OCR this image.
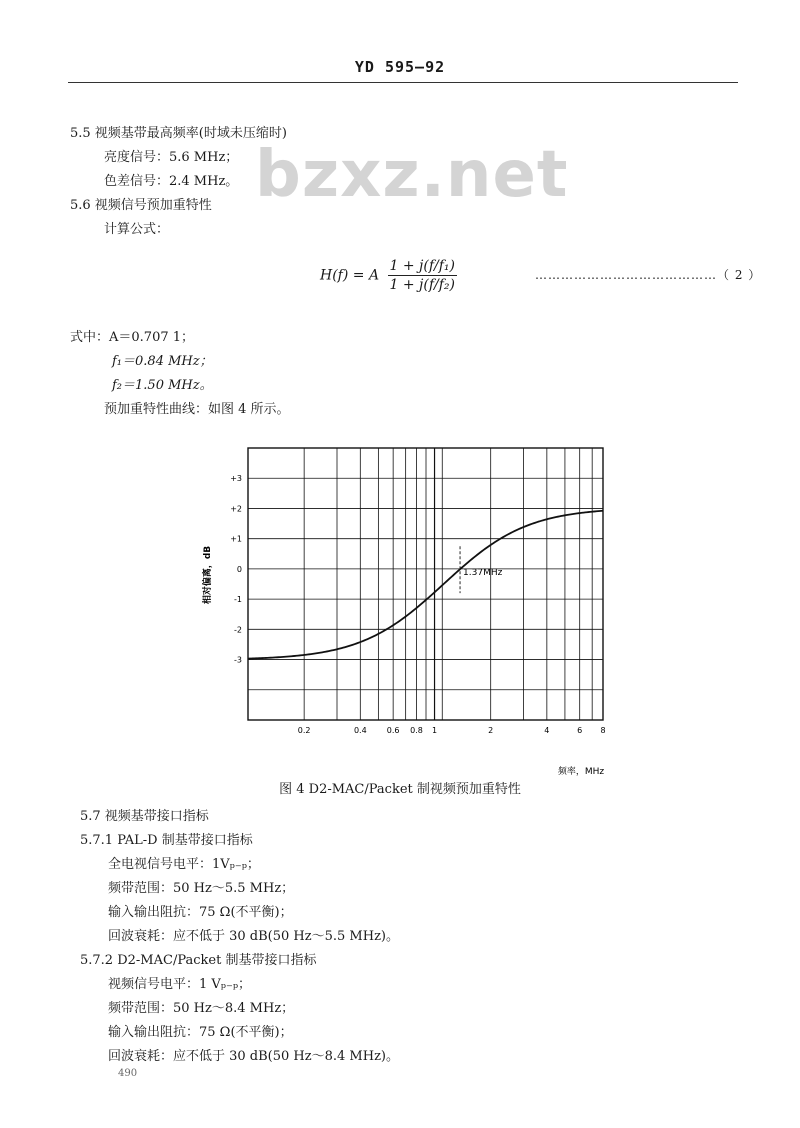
YD 595—92
bzxz.net
5.5 视频基带最高频率(时域未压缩时)
亮度信号：5.6 MHz；
色差信号：2.4 MHz。
5.6 视频信号预加重特性
计算公式：
H(f) = A $\frac{\text{1 + j(f/f₁)}}{\text{1 + j(f/f₂)}}$	……………………………………（ 2 ）
式中：A＝0.707 1；
f₁＝0.84 MHz；
f₂＝1.50 MHz。
预加重特性曲线：如图 4 所示。
0.2	0.4	0.6 0.8 1	2	4	6 8
+3
+2
+1
0
-1
-2
-3
相对偏离，dB
频率，MHz
1.37MHz
图 4 D2-MAC/Packet 制视频预加重特性
5.7 视频基带接口指标
5.7.1 PAL-D 制基带接口指标
全电视信号电平：1Vₚ₋ₚ；
频带范围：50 Hz～5.5 MHz；
输入输出阻抗：75 Ω(不平衡)；
回波衰耗：应不低于 30 dB(50 Hz～5.5 MHz)。
5.7.2 D2-MAC/Packet 制基带接口指标
视频信号电平：1 Vₚ₋ₚ；
频带范围：50 Hz～8.4 MHz；
输入输出阻抗：75 Ω(不平衡)；
回波衰耗：应不低于 30 dB(50 Hz～8.4 MHz)。
490
